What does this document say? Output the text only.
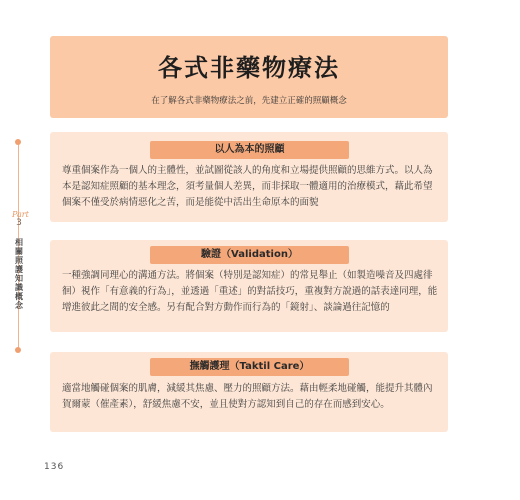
Part
3
相關照護知識概念
各式非藥物療法
在了解各式非藥物療法之前，先建立正確的照顧概念
以人為本的照顧

尊重個案作為一個人的主體性，並試圖從該人的角度和立場提供照顧的思維方式。以人為本是認知症照顧的基本理念，須考量個人差異，而非採取一體適用的治療模式，藉此希望個案不僅受於病情惡化之苦，而是能從中活出生命原本的面貌

驗證（Validation）

一種強調同理心的溝通方法。將個案（特別是認知症）的常見舉止（如製造噪音及四處徘徊）視作「有意義的行為」，並透過「重述」的對話技巧，重複對方說過的話表達同理，能增進彼此之間的安全感。另有配合對方動作而行為的「鏡射」、談論過往記憶的

撫觸護理（Taktil Care）

適當地觸碰個案的肌膚，減緩其焦慮、壓力的照顧方法。藉由輕柔地碰觸，能提升其體內賀爾蒙（催產素），舒緩焦慮不安，並且使對方認知到自己的存在而感到安心。

136
